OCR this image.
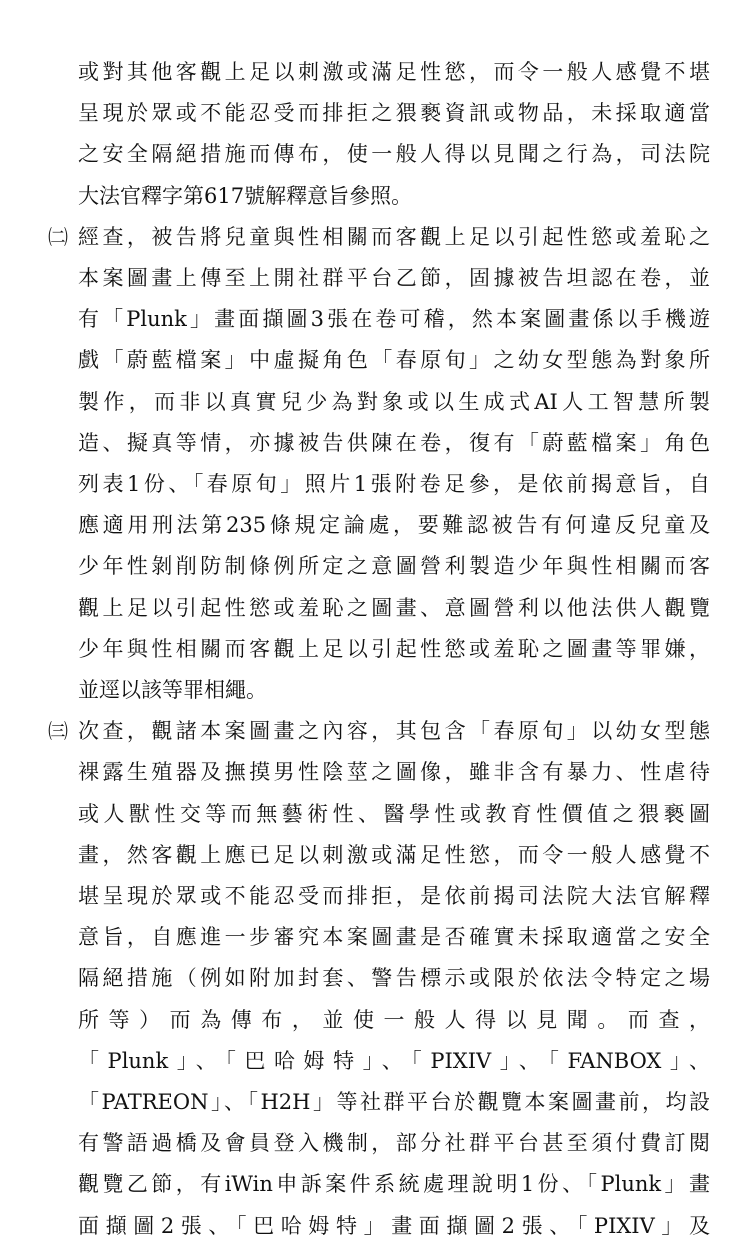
或對其他客觀上足以刺激或滿足性慾，而令一般人感覺不堪
呈現於眾或不能忍受而排拒之猥褻資訊或物品，未採取適當
之安全隔絕措施而傳布，使一般人得以見聞之行為，司法院
大法官釋字第617號解釋意旨參照。
㈡ 經查，被告將兒童與性相關而客觀上足以引起性慾或羞恥之
本案圖畫上傳至上開社群平台乙節，固據被告坦認在卷，並
有「Plunk」畫面擷圖3張在卷可稽，然本案圖畫係以手機遊
戲「蔚藍檔案」中虛擬角色「春原旬」之幼女型態為對象所
製作，而非以真實兒少為對象或以生成式AI人工智慧所製
造、擬真等情，亦據被告供陳在卷，復有「蔚藍檔案」角色
列表1份、「春原旬」照片1張附卷足參，是依前揭意旨，自
應適用刑法第235條規定論處，要難認被告有何違反兒童及
少年性剝削防制條例所定之意圖營利製造少年與性相關而客
觀上足以引起性慾或羞恥之圖畫、意圖營利以他法供人觀覽
少年與性相關而客觀上足以引起性慾或羞恥之圖畫等罪嫌，
並逕以該等罪相繩。
㈢ 次查，觀諸本案圖畫之內容，其包含「春原旬」以幼女型態
裸露生殖器及撫摸男性陰莖之圖像，雖非含有暴力、性虐待
或人獸性交等而無藝術性、醫學性或教育性價值之猥褻圖
畫，然客觀上應已足以刺激或滿足性慾，而令一般人感覺不
堪呈現於眾或不能忍受而排拒，是依前揭司法院大法官解釋
意旨，自應進一步審究本案圖畫是否確實未採取適當之安全
隔絕措施（例如附加封套、警告標示或限於依法令特定之場
所等）而為傳布，並使一般人得以見聞。而查，
「Plunk」、「巴哈姆特」、「PIXIV」、「FANBOX」、
「PATREON」、「H2H」等社群平台於觀覽本案圖畫前，均設
有警語過橋及會員登入機制，部分社群平台甚至須付費訂閱
觀覽乙節，有iWin申訴案件系統處理說明1份、「Plunk」畫
面擷圖2張、「巴哈姆特」畫面擷圖2張、「PIXIV」及
